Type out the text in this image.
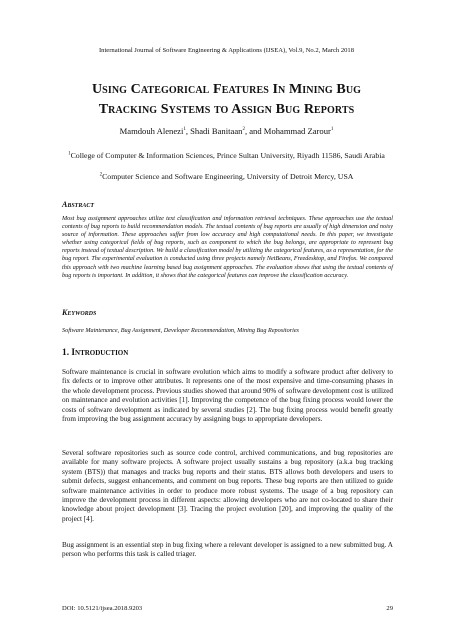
International Journal of Software Engineering & Applications (IJSEA), Vol.9, No.2, March 2018
Using Categorical Features In Mining Bug
Tracking Systems to Assign Bug Reports
Mamdouh Alenezi$^1$, Shadi Banitaan$^2$, and Mohammad Zarour$^1$
$^1$College of Computer & Information Sciences, Prince Sultan University, Riyadh 11586, Saudi Arabia
$^2$Computer Science and Software Engineering, University of Detroit Mercy, USA
Abstract

Most bug assignment approaches utilize text classification and information retrieval techniques. These approaches use the textual contents of bug reports to build recommendation models. The textual contents of bug reports are usually of high dimension and noisy source of information. These approaches suffer from low accuracy and high computational needs. In this paper, we investigate whether using categorical fields of bug reports, such as component to which the bug belongs, are appropriate to represent bug reports instead of textual description. We build a classification model by utilizing the categorical features, as a representation, for the bug report. The experimental evaluation is conducted using three projects namely NetBeans, Freedesktop, and Firefox. We compared this approach with two machine learning based bug assignment approaches. The evaluation shows that using the textual contents of bug reports is important. In addition, it shows that the categorical features can improve the classification accuracy.

Keywords

Software Maintenance, Bug Assignment, Developer Recommendation, Mining Bug Repositories

1. Introduction

Software maintenance is crucial in software evolution which aims to modify a software product after delivery to fix defects or to improve other attributes. It represents one of the most expensive and time-consuming phases in the whole development process. Previous studies showed that around 90% of software development cost is utilized on maintenance and evolution activities [1]. Improving the competence of the bug fixing process would lower the costs of software development as indicated by several studies [2]. The bug fixing process would benefit greatly from improving the bug assignment accuracy by assigning bugs to appropriate developers.

Several software repositories such as source code control, archived communications, and bug repositories are available for many software projects. A software project usually sustains a bug repository (a.k.a bug tracking system (BTS)) that manages and tracks bug reports and their status. BTS allows both developers and users to submit defects, suggest enhancements, and comment on bug reports. These bug reports are then utilized to guide software maintenance activities in order to produce more robust systems. The usage of a bug repository can improve the development process in different aspects: allowing developers who are not co-located to share their knowledge about project development [3]. Tracing the project evolution [20], and improving the quality of the project [4].

Bug assignment is an essential step in bug fixing where a relevant developer is assigned to a new submitted bug. A person who performs this task is called triager.

DOI: 10.5121/ijsea.2018.9203	29
